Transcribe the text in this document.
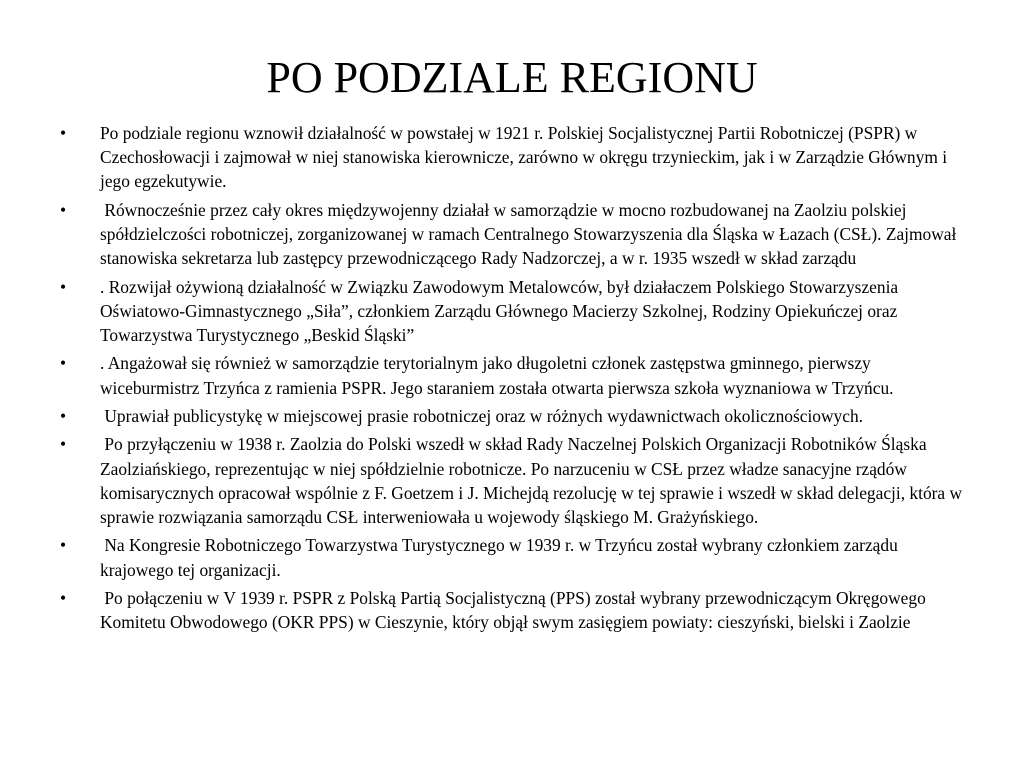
PO PODZIALE REGIONU
•	Po podziale regionu wznowił działalność w powstałej w 1921 r. Polskiej Socjalistycznej Partii Robotniczej (PSPR) w Czechosłowacji i zajmował w niej stanowiska kierownicze, zarówno w okręgu trzynieckim, jak i w Zarządzie Głównym i jego egzekutywie.
•	Równocześnie przez cały okres międzywojenny działał w samorządzie w mocno rozbudowanej na Zaolziu polskiej spółdzielczości robotniczej, zorganizowanej w ramach Centralnego Stowarzyszenia dla Śląska w Łazach (CSŁ). Zajmował stanowiska sekretarza lub zastępcy przewodniczącego Rady Nadzorczej, a w r. 1935 wszedł w skład zarządu
•	. Rozwijał ożywioną działalność w Związku Zawodowym Metalowców, był działaczem Polskiego Stowarzyszenia Oświatowo-Gimnastycznego „Siła”, członkiem Zarządu Głównego Macierzy Szkolnej, Rodziny Opiekuńczej oraz Towarzystwa Turystycznego „Beskid Śląski”
•	. Angażował się również w samorządzie terytorialnym jako długoletni członek zastępstwa gminnego, pierwszy wiceburmistrz Trzyńca z ramienia PSPR. Jego staraniem została otwarta pierwsza szkoła wyznaniowa w Trzyńcu.
•	Uprawiał publicystykę w miejscowej prasie robotniczej oraz w różnych wydawnictwach okolicznościowych.
•	Po przyłączeniu w 1938 r. Zaolzia do Polski wszedł w skład Rady Naczelnej Polskich Organizacji Robotników Śląska Zaolziańskiego, reprezentując w niej spółdzielnie robotnicze. Po narzuceniu w CSŁ przez władze sanacyjne rządów komisarycznych opracował wspólnie z F. Goetzem i J. Michejdą rezolucję w tej sprawie i wszedł w skład delegacji, która w sprawie rozwiązania samorządu CSŁ interweniowała u wojewody śląskiego M. Grażyńskiego.
•	Na Kongresie Robotniczego Towarzystwa Turystycznego w 1939 r. w Trzyńcu został wybrany członkiem zarządu krajowego tej organizacji.
•	Po połączeniu w V 1939 r. PSPR z Polską Partią Socjalistyczną (PPS) został wybrany przewodniczącym Okręgowego Komitetu Obwodowego (OKR PPS) w Cieszynie, który objął swym zasięgiem powiaty: cieszyński, bielski i Zaolzie
